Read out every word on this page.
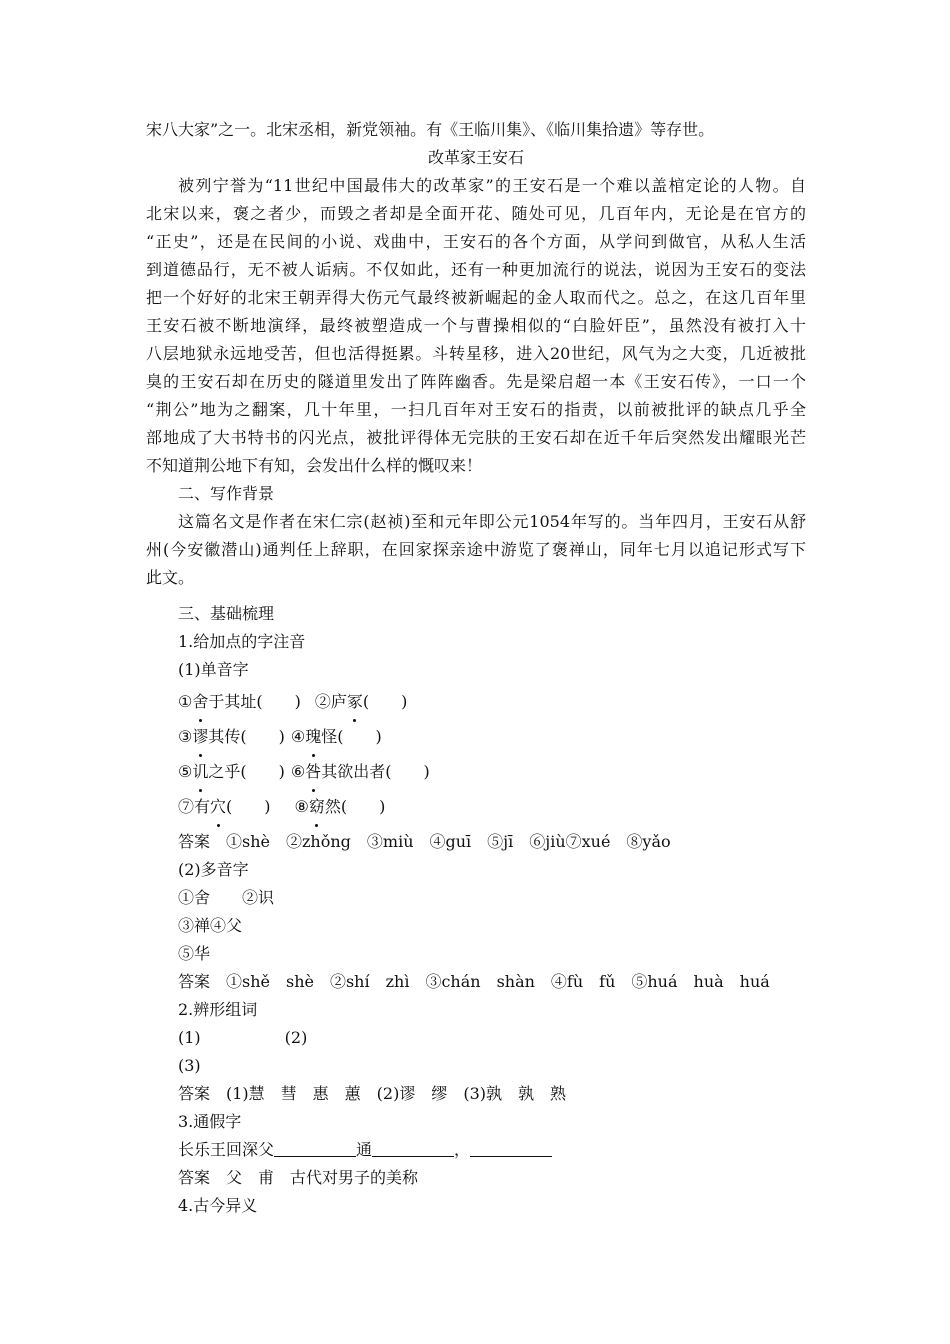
宋八大家”之一。北宋丞相，新党领袖。有《王临川集》、《临川集拾遗》等存世。
改革家王安石
被列宁誉为“11世纪中国最伟大的改革家”的王安石是一个难以盖棺定论的人物。自
北宋以来，褒之者少，而毁之者却是全面开花、随处可见，几百年内，无论是在官方的
“正史”，还是在民间的小说、戏曲中，王安石的各个方面，从学问到做官，从私人生活
到道德品行，无不被人诟病。不仅如此，还有一种更加流行的说法，说因为王安石的变法
把一个好好的北宋王朝弄得大伤元气最终被新崛起的金人取而代之。总之，在这几百年里
王安石被不断地演绎，最终被塑造成一个与曹操相似的“白脸奸臣”，虽然没有被打入十
八层地狱永远地受苦，但也活得挺累。斗转星移，进入20世纪，风气为之大变，几近被批
臭的王安石却在历史的隧道里发出了阵阵幽香。先是梁启超一本《王安石传》，一口一个
“荆公”地为之翻案，几十年里，一扫几百年对王安石的指责，以前被批评的缺点几乎全
部地成了大书特书的闪光点，被批评得体无完肤的王安石却在近千年后突然发出耀眼光芒
不知道荆公地下有知，会发出什么样的慨叹来！
二、写作背景
这篇名文是作者在宋仁宗(赵祯)至和元年即公元1054年写的。当年四月，王安石从舒
州(今安徽潜山)通判任上辞职，在回家探亲途中游览了褒禅山，同年七月以追记形式写下
此文。
三、基础梳理
1.给加点的字注音
(1)单音字
①舍于其址(　　) ②庐冢(　　)
③谬其传(　　) ④瑰怪(　　)
⑤讥之乎(　　) ⑥咎其欲出者(　　)
⑦有穴(　　) ⑧窈然(　　)
答案　①shè　②zhǒng　③miù　④guī　⑤jī　⑥jiù⑦xué　⑧yǎo
(2)多音字
①舍　　②识
③禅④父
⑤华
答案　①shě　shè　②shí　zhì　③chán　shàn　④fù　fǔ　⑤huá　huà　huá
2.辨形组词
(1)	(2)
(3)
答案　(1)慧　彗　惠　蕙　(2)谬　缪　(3)孰　孰　熟
3.通假字
长乐王回深父	通	，
答案　父　甫　古代对男子的美称
4.古今异义
